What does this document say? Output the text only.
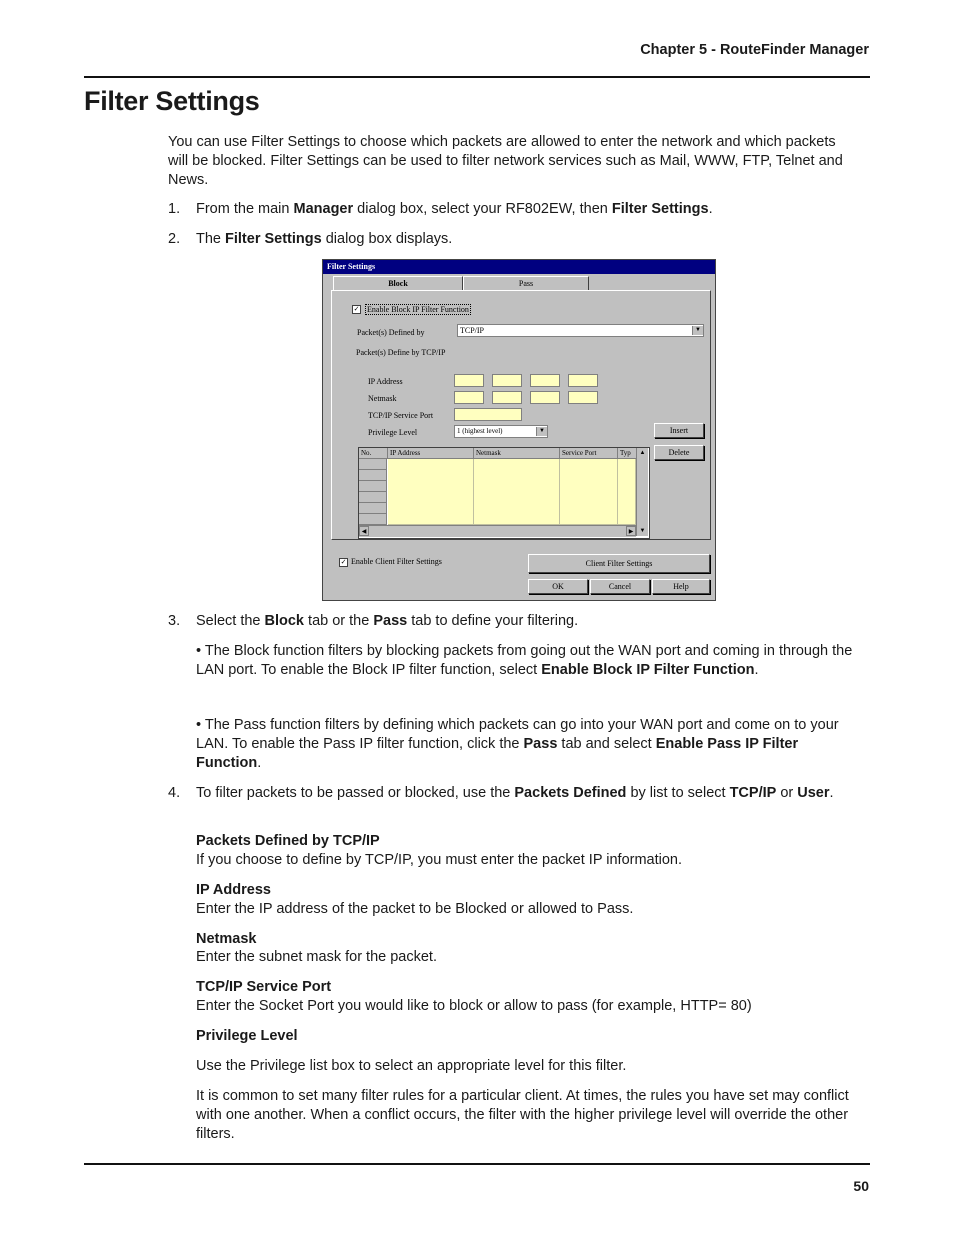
Chapter 5 - RouteFinder Manager
Filter Settings
You can use Filter Settings to choose which packets are allowed to enter the network and which packets will be blocked. Filter Settings can be used to filter network services such as Mail, WWW, FTP, Telnet and News.
1. From the main Manager dialog box, select your RF802EW, then Filter Settings.
2. The Filter Settings dialog box displays.
Filter Settings
Block	Pass
✓ Enable Block IP Filter Function
Packet(s) Defined by	TCP/IP	▼
Packet(s) Define by TCP/IP
IP Address
Netmask
TCP/IP Service Port
Privilege Level	1 (highest level)	▼	Insert
Delete
No.	IP Address	Netmask	Service Port	Typ
◀	▶
▲
▼
✓ Enable Client Filter Settings	Client Filter Settings
OK	Cancel	Help
3. Select the Block tab or the Pass tab to define your filtering.
• The Block function filters by blocking packets from going out the WAN port and coming in through the LAN port. To enable the Block IP filter function, select Enable Block IP Filter Function.
• The Pass function filters by defining which packets can go into your WAN port and come on to your LAN. To enable the Pass IP filter function, click the Pass tab and select Enable Pass IP Filter Function.
4. To filter packets to be passed or blocked, use the Packets Defined by list to select TCP/IP or User.
Packets Defined by TCP/IP
If you choose to define by TCP/IP, you must enter the packet IP information.
IP Address
Enter the IP address of the packet to be Blocked or allowed to Pass.
Netmask
Enter the subnet mask for the packet.
TCP/IP Service Port
Enter the Socket Port you would like to block or allow to pass (for example, HTTP= 80)
Privilege Level
Use the Privilege list box to select an appropriate level for this filter.
It is common to set many filter rules for a particular client. At times, the rules you have set may conflict with one another. When a conflict occurs, the filter with the higher privilege level will override the other filters.
50
